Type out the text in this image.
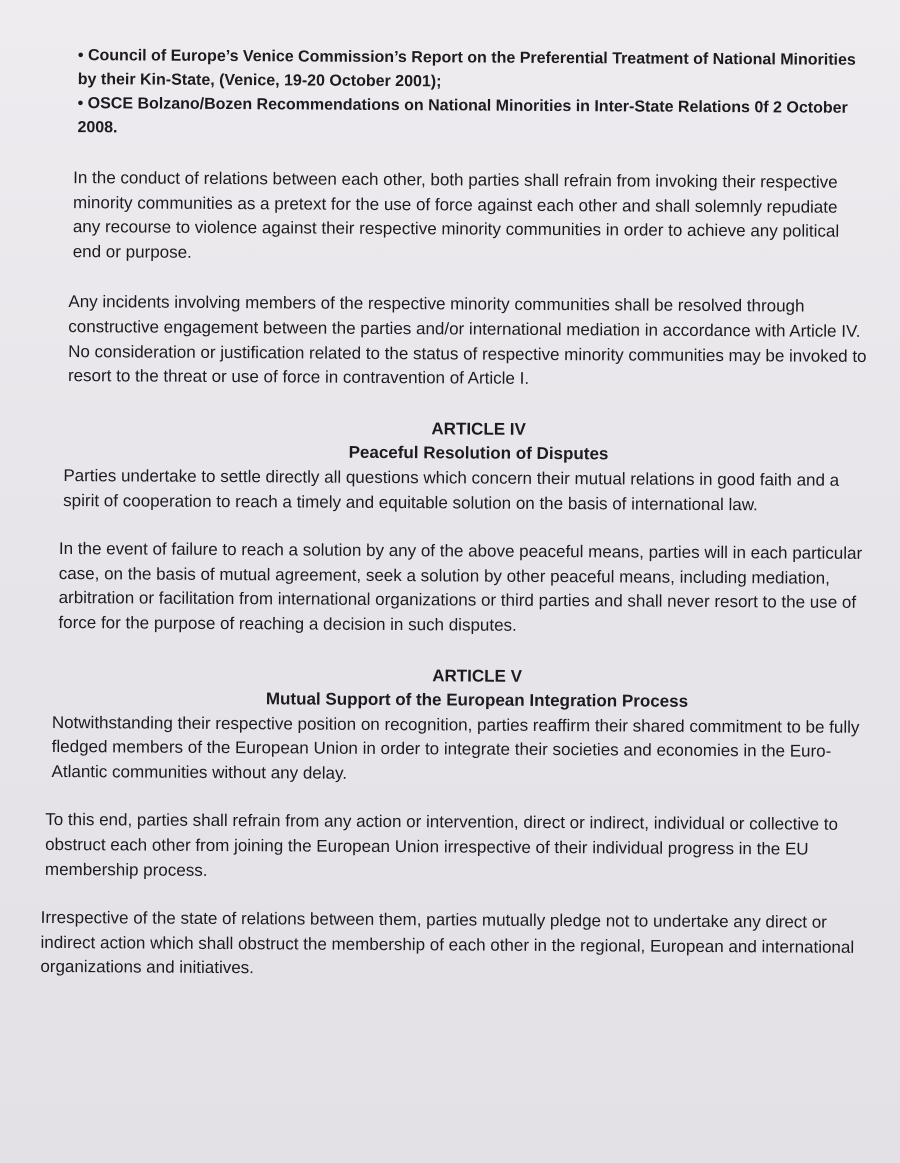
• Council of Europe’s Venice Commission’s Report on the Preferential Treatment of National Minorities by their Kin-State, (Venice, 19-20 October 2001);

• OSCE Bolzano/Bozen Recommendations on National Minorities in Inter-State Relations 0f 2 October 2008.

In the conduct of relations between each other, both parties shall refrain from invoking their respective minority communities as a pretext for the use of force against each other and shall solemnly repudiate any recourse to violence against their respective minority communities in order to achieve any political end or purpose.

Any incidents involving members of the respective minority communities shall be resolved through constructive engagement between the parties and/or international mediation in accordance with Article IV. No consideration or justification related to the status of respective minority communities may be invoked to resort to the threat or use of force in contravention of Article I.

ARTICLE IV

Peaceful Resolution of Disputes

Parties undertake to settle directly all questions which concern their mutual relations in good faith and a spirit of cooperation to reach a timely and equitable solution on the basis of international law.

In the event of failure to reach a solution by any of the above peaceful means, parties will in each particular case, on the basis of mutual agreement, seek a solution by other peaceful means, including mediation, arbitration or facilitation from international organizations or third parties and shall never resort to the use of force for the purpose of reaching a decision in such disputes.

ARTICLE V

Mutual Support of the European Integration Process

Notwithstanding their respective position on recognition, parties reaffirm their shared commitment to be fully fledged members of the European Union in order to integrate their societies and economies in the Euro-Atlantic communities without any delay.

To this end, parties shall refrain from any action or intervention, direct or indirect, individual or collective to obstruct each other from joining the European Union irrespective of their individual progress in the EU membership process.

Irrespective of the state of relations between them, parties mutually pledge not to undertake any direct or indirect action which shall obstruct the membership of each other in the regional, European and international organizations and initiatives.
